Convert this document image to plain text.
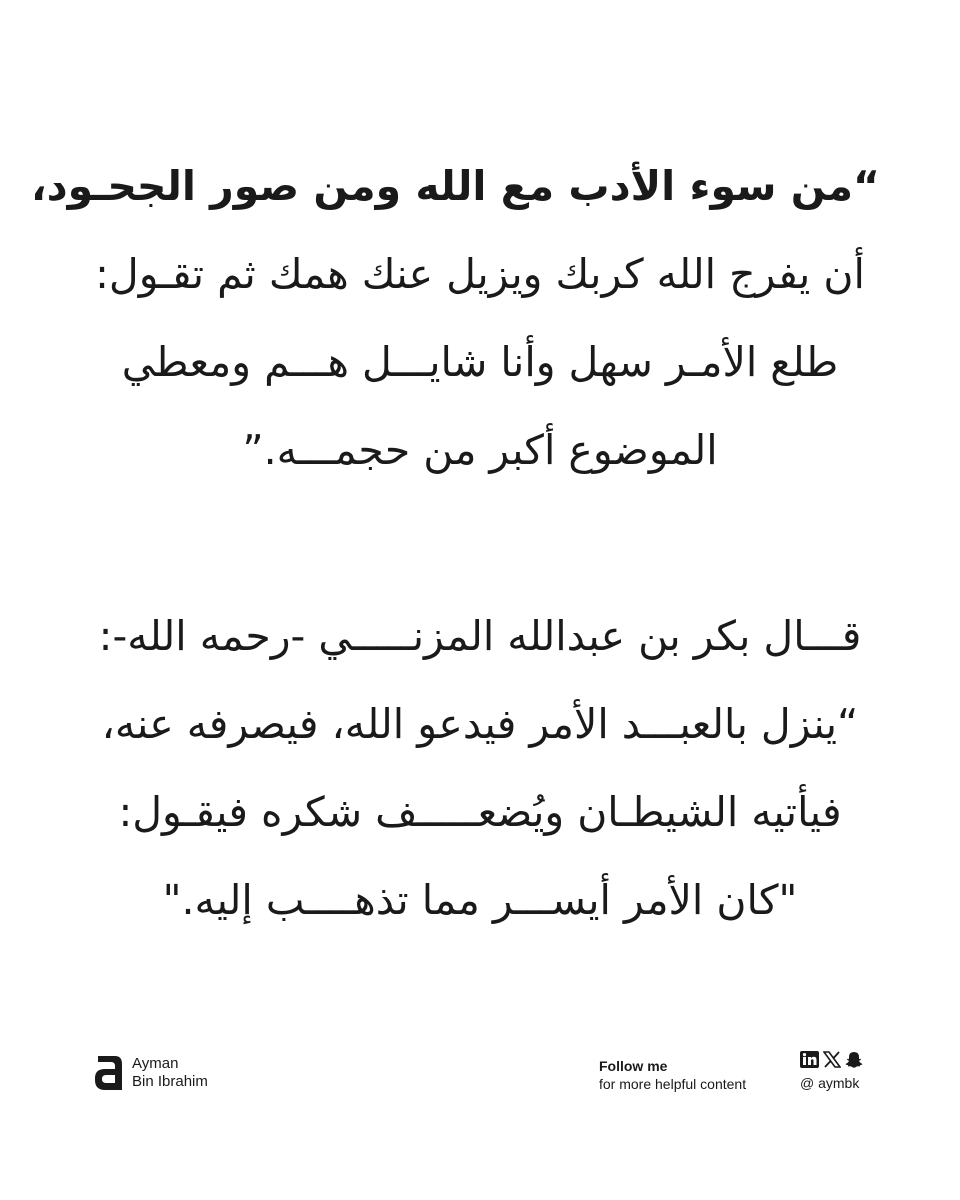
“من سوء الأدب مع الله ومن صور الجحـود،
أن يفرج الله كربك ويزيل عنك همك ثم تقـول:
طلع الأمـر سهل وأنا شايـــل هـــم ومعطي
الموضوع أكبر من حجمـــه.”
قـــال بكر بن عبدالله المزنـــــي -رحمه الله-:
“ينزل بالعبـــد الأمر فيدعو الله، فيصرفه عنه،
فيأتيه الشيطـان ويُضعـــــف شكره فيقـول:
"كان الأمر أيســـر مما تذهــــب إليه."
Ayman
Bin Ibrahim
Follow me
for more helpful content	@ aymbk
